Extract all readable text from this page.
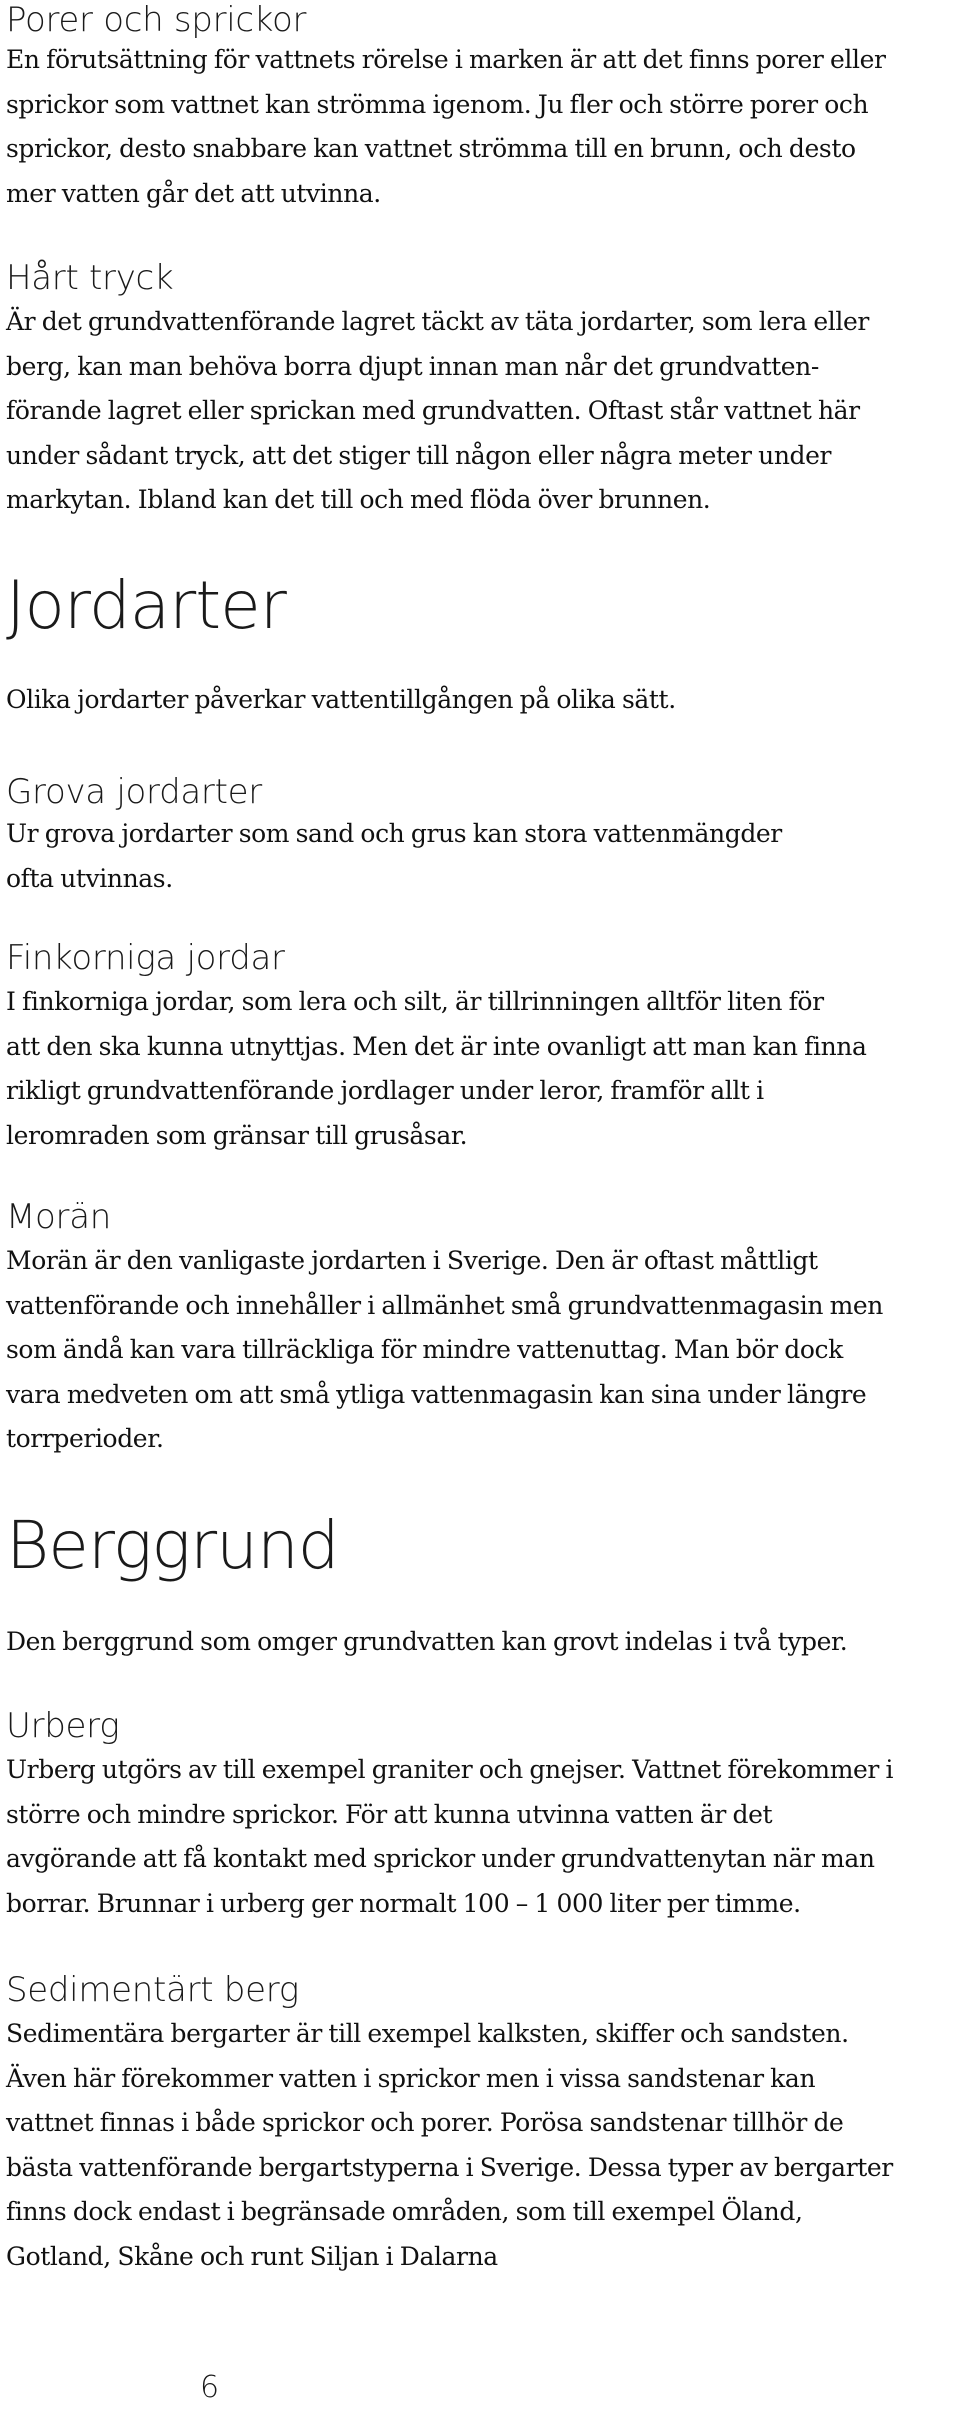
Porer och sprickor

En förutsättning för vattnets rörelse i marken är att det finns porer eller
sprickor som vattnet kan strömma igenom. Ju fler och större porer och
sprickor, desto snabbare kan vattnet strömma till en brunn, och desto
mer vatten går det att utvinna.

Hårt tryck

Är det grundvattenförande lagret täckt av täta jordarter, som lera eller
berg, kan man behöva borra djupt innan man når det grundvatten-
förande lagret eller sprickan med grundvatten. Oftast står vattnet här
under sådant tryck, att det stiger till någon eller några meter under
markytan. Ibland kan det till och med flöda över brunnen.

Jordarter

Olika jordarter påverkar vattentillgången på olika sätt.

Grova jordarter

Ur grova jordarter som sand och grus kan stora vattenmängder
ofta utvinnas.

Finkorniga jordar

I finkorniga jordar, som lera och silt, är tillrinningen alltför liten för
att den ska kunna utnyttjas. Men det är inte ovanligt att man kan finna
rikligt grundvattenförande jordlager under leror, framför allt i
leromraden som gränsar till grusåsar.

Morän

Morän är den vanligaste jordarten i Sverige. Den är oftast måttligt
vattenförande och innehåller i allmänhet små grundvattenmagasin men
som ändå kan vara tillräckliga för mindre vattenuttag. Man bör dock
vara medveten om att små ytliga vattenmagasin kan sina under längre
torrperioder.

Berggrund

Den berggrund som omger grundvatten kan grovt indelas i två typer.

Urberg

Urberg utgörs av till exempel graniter och gnejser. Vattnet förekommer i
större och mindre sprickor. För att kunna utvinna vatten är det
avgörande att få kontakt med sprickor under grundvattenytan när man
borrar. Brunnar i urberg ger normalt 100 – 1 000 liter per timme.

Sedimentärt berg

Sedimentära bergarter är till exempel kalksten, skiffer och sandsten.
Även här förekommer vatten i sprickor men i vissa sandstenar kan
vattnet finnas i både sprickor och porer. Porösa sandstenar tillhör de
bästa vattenförande bergartstyperna i Sverige. Dessa typer av bergarter
finns dock endast i begränsade områden, som till exempel Öland,
Gotland, Skåne och runt Siljan i Dalarna

6
